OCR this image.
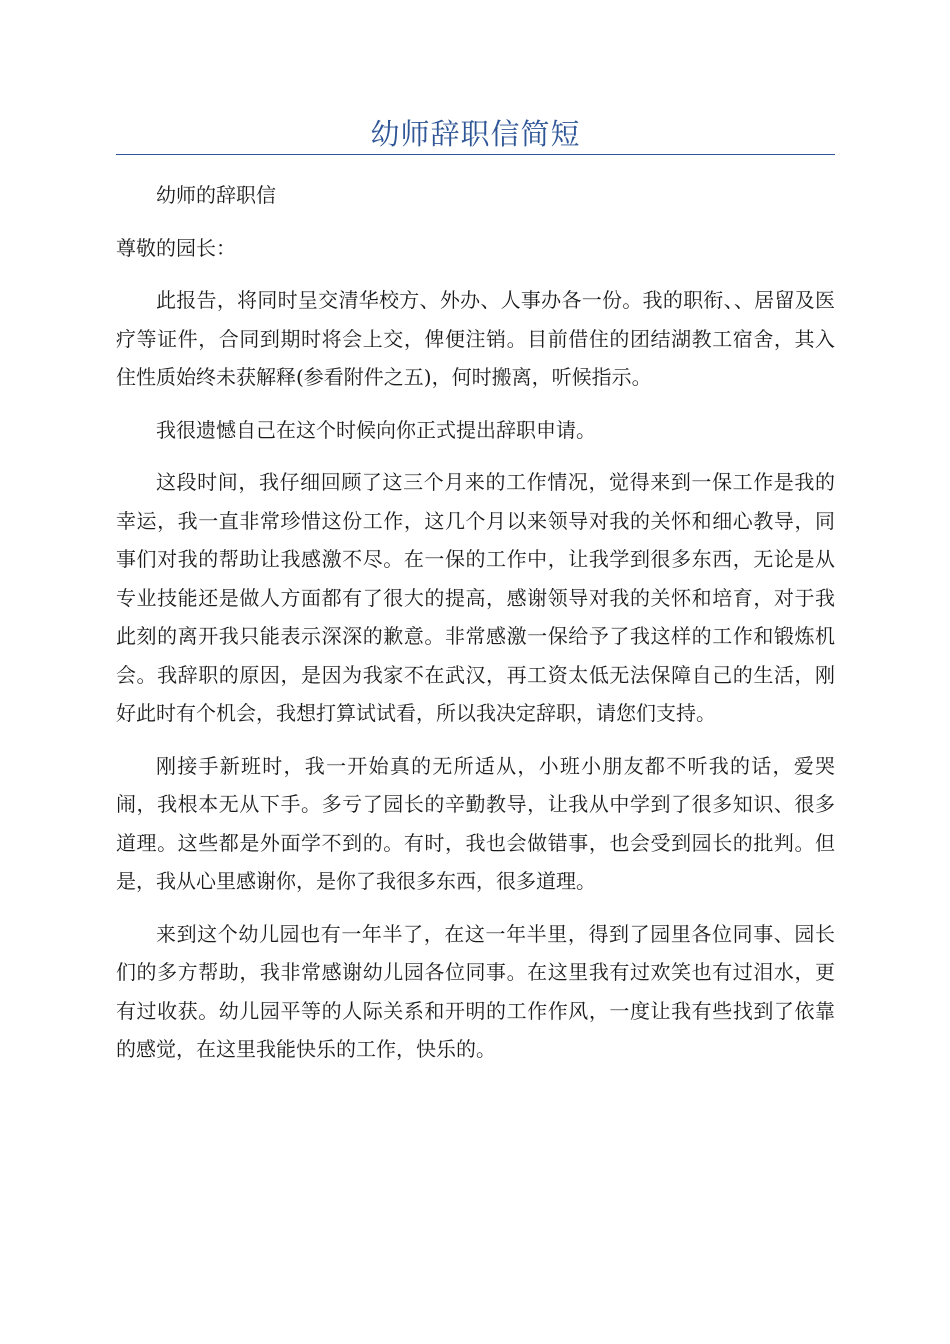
幼师辞职信简短

幼师的辞职信

尊敬的园长：

此报告，将同时呈交清华校方、外办、人事办各一份。我的职衔、、居留及医疗等证件，合同到期时将会上交，俾便注销。目前借住的团结湖教工宿舍，其入住性质始终未获解释(参看附件之五)，何时搬离，听候指示。

我很遗憾自己在这个时候向你正式提出辞职申请。

这段时间，我仔细回顾了这三个月来的工作情况，觉得来到一保工作是我的幸运，我一直非常珍惜这份工作，这几个月以来领导对我的关怀和细心教导，同事们对我的帮助让我感激不尽。在一保的工作中，让我学到很多东西，无论是从专业技能还是做人方面都有了很大的提高，感谢领导对我的关怀和培育，对于我此刻的离开我只能表示深深的歉意。非常感激一保给予了我这样的工作和锻炼机会。我辞职的原因，是因为我家不在武汉，再工资太低无法保障自己的生活，刚好此时有个机会，我想打算试试看，所以我决定辞职，请您们支持。

刚接手新班时，我一开始真的无所适从，小班小朋友都不听我的话，爱哭闹，我根本无从下手。多亏了园长的辛勤教导，让我从中学到了很多知识、很多道理。这些都是外面学不到的。有时，我也会做错事，也会受到园长的批判。但是，我从心里感谢你，是你了我很多东西，很多道理。

来到这个幼儿园也有一年半了，在这一年半里，得到了园里各位同事、园长们的多方帮助，我非常感谢幼儿园各位同事。在这里我有过欢笑也有过泪水，更有过收获。幼儿园平等的人际关系和开明的工作作风，一度让我有些找到了依靠的感觉，在这里我能快乐的工作，快乐的。
